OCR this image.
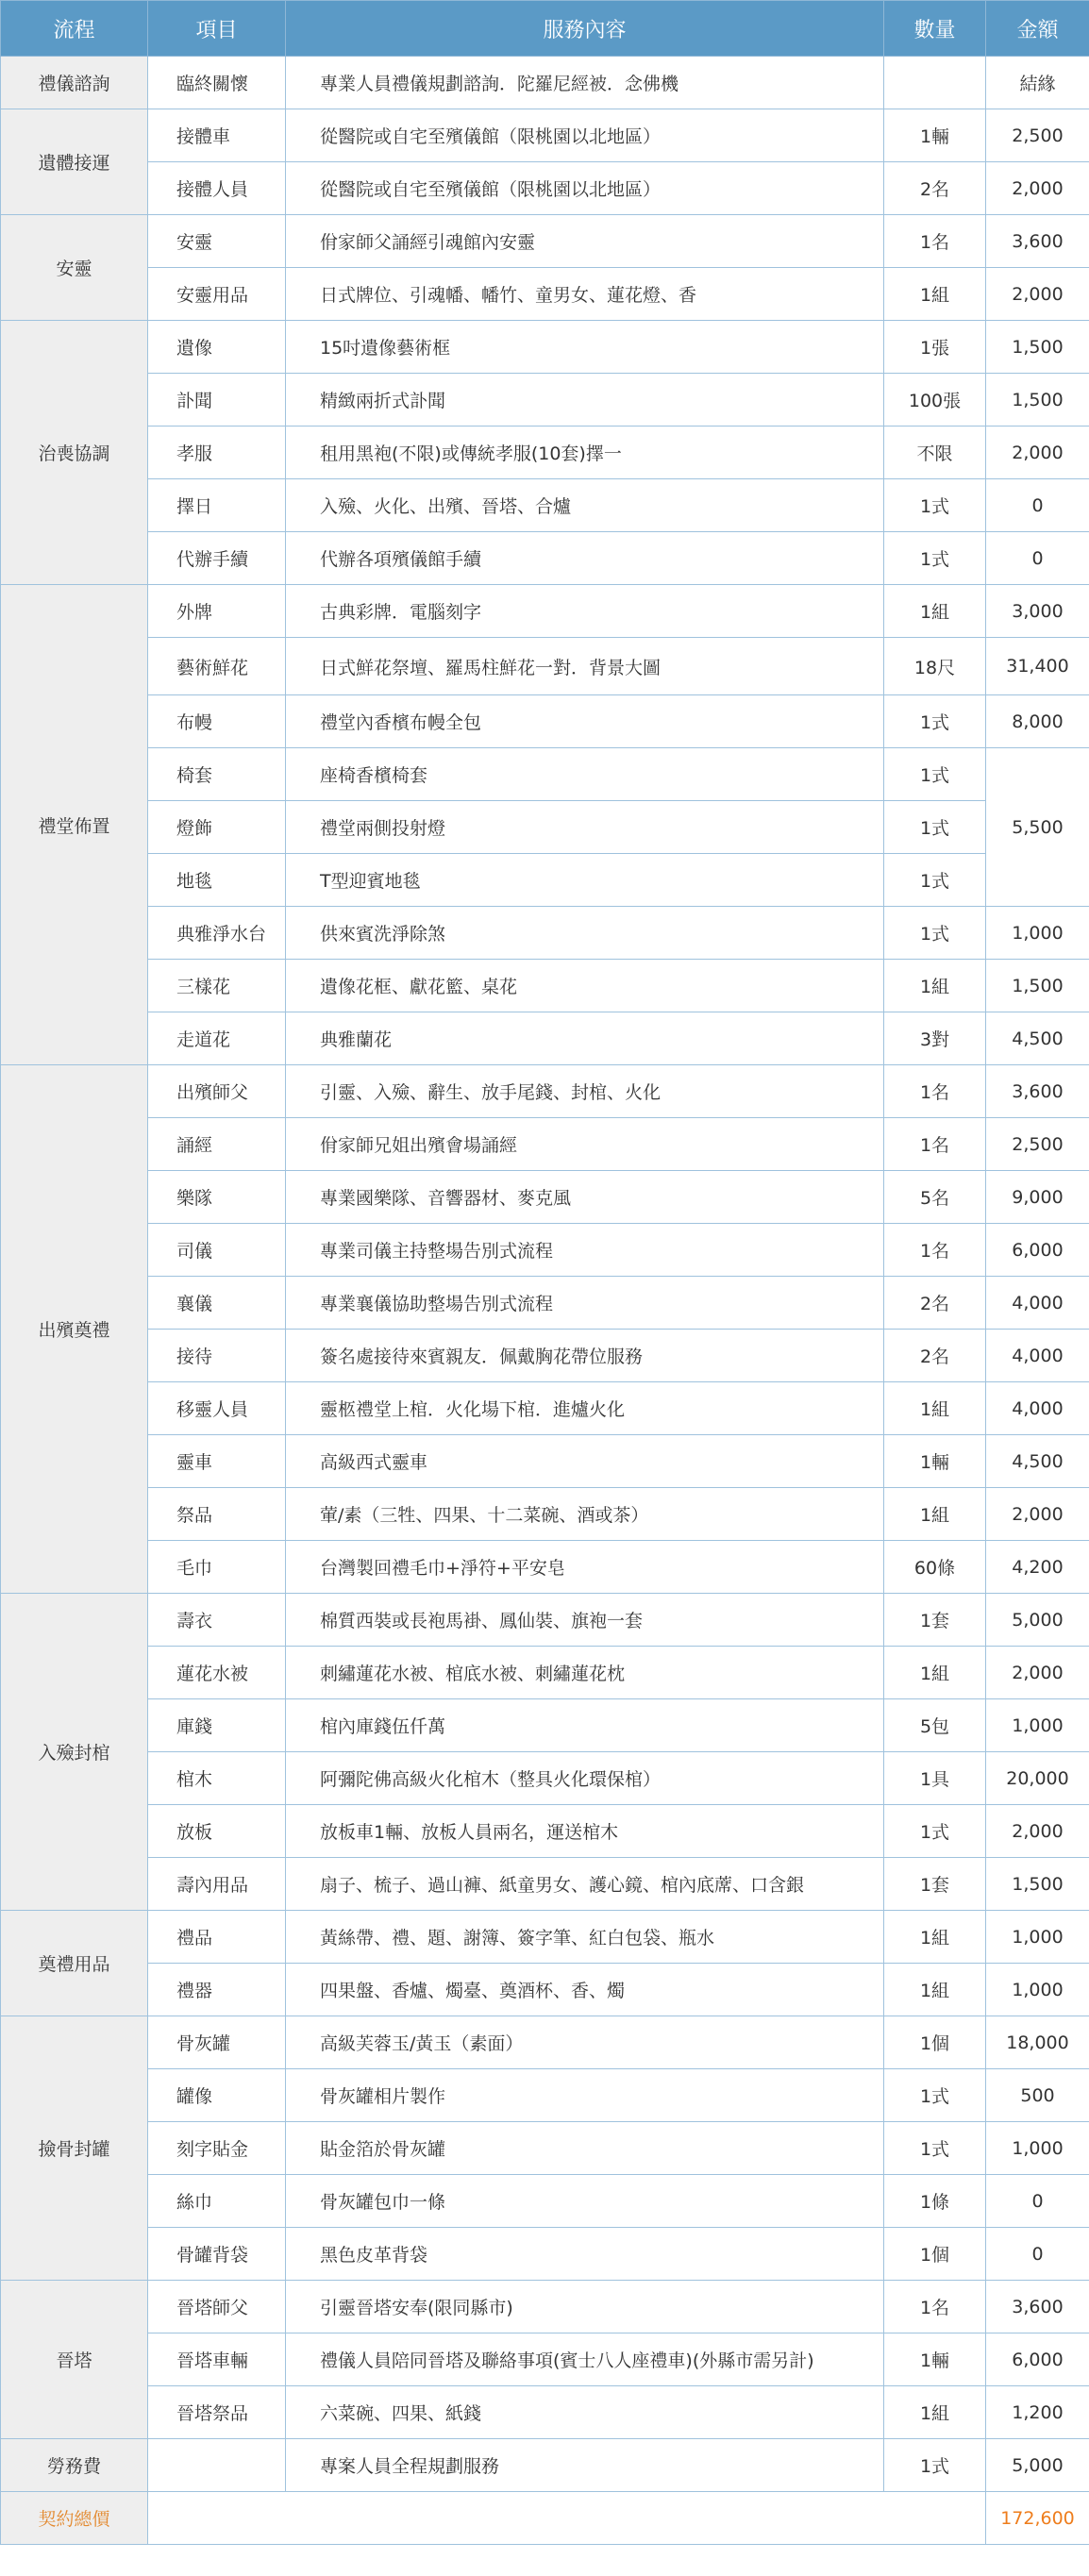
流程	項目	服務內容	數量	金額
禮儀諮詢	臨終關懷	專業人員禮儀規劃諮詢．陀羅尼經被．念佛機		結緣
遺體接運	接體車	從醫院或自宅至殯儀館（限桃園以北地區）	1輛	2,500
	接體人員	從醫院或自宅至殯儀館（限桃園以北地區）	2名	2,000
安靈	安靈	佾家師父誦經引魂館內安靈	1名	3,600
	安靈用品	日式牌位、引魂幡、幡竹、童男女、蓮花燈、香	1組	2,000
治喪協調	遺像	15吋遺像藝術框	1張	1,500
	訃聞	精緻兩折式訃聞	100張	1,500
	孝服	租用黑袍(不限)或傳統孝服(10套)擇一	不限	2,000
	擇日	入殮、火化、出殯、晉塔、合爐	1式	0
	代辦手續	代辦各項殯儀館手續	1式	0
禮堂佈置	外牌	古典彩牌．電腦刻字	1組	3,000
	藝術鮮花	日式鮮花祭壇、羅馬柱鮮花一對．背景大圖	18尺	31,400
	布幔	禮堂內香檳布幔全包	1式	8,000
	椅套	座椅香檳椅套	1式	5,500
	燈飾	禮堂兩側投射燈	1式	
	地毯	T型迎賓地毯	1式	
	典雅淨水台	供來賓洗淨除煞	1式	1,000
	三樣花	遺像花框、獻花籃、桌花	1組	1,500
	走道花	典雅蘭花	3對	4,500
出殯奠禮	出殯師父	引靈、入殮、辭生、放手尾錢、封棺、火化	1名	3,600
	誦經	佾家師兄姐出殯會場誦經	1名	2,500
	樂隊	專業國樂隊、音響器材、麥克風	5名	9,000
	司儀	專業司儀主持整場告別式流程	1名	6,000
	襄儀	專業襄儀協助整場告別式流程	2名	4,000
	接待	簽名處接待來賓親友．佩戴胸花帶位服務	2名	4,000
	移靈人員	靈柩禮堂上棺．火化場下棺．進爐火化	1組	4,000
	靈車	高級西式靈車	1輛	4,500
	祭品	葷/素（三牲、四果、十二菜碗、酒或茶）	1組	2,000
	毛巾	台灣製回禮毛巾+淨符+平安皂	60條	4,200
入殮封棺	壽衣	棉質西裝或長袍馬褂、鳳仙裝、旗袍一套	1套	5,000
	蓮花水被	刺繡蓮花水被、棺底水被、刺繡蓮花枕	1組	2,000
	庫錢	棺內庫錢伍仟萬	5包	1,000
	棺木	阿彌陀佛高級火化棺木（整具火化環保棺）	1具	20,000
	放板	放板車1輛、放板人員兩名，運送棺木	1式	2,000
	壽內用品	扇子、梳子、過山褲、紙童男女、護心鏡、棺內底蓆、口含銀	1套	1,500
奠禮用品	禮品	黃絲帶、禮、題、謝簿、簽字筆、紅白包袋、瓶水	1組	1,000
	禮器	四果盤、香爐、燭臺、奠酒杯、香、燭	1組	1,000
撿骨封罐	骨灰罐	高級芙蓉玉/黃玉（素面）	1個	18,000
	罐像	骨灰罐相片製作	1式	500
	刻字貼金	貼金箔於骨灰罐	1式	1,000
	絲巾	骨灰罐包巾一條	1條	0
	骨罐背袋	黑色皮革背袋	1個	0
晉塔	晉塔師父	引靈晉塔安奉(限同縣市)	1名	3,600
	晉塔車輛	禮儀人員陪同晉塔及聯絡事項(賓士八人座禮車)(外縣市需另計)	1輛	6,000
	晉塔祭品	六菜碗、四果、紙錢	1組	1,200
勞務費		專案人員全程規劃服務	1式	5,000
契約總價				172,600
